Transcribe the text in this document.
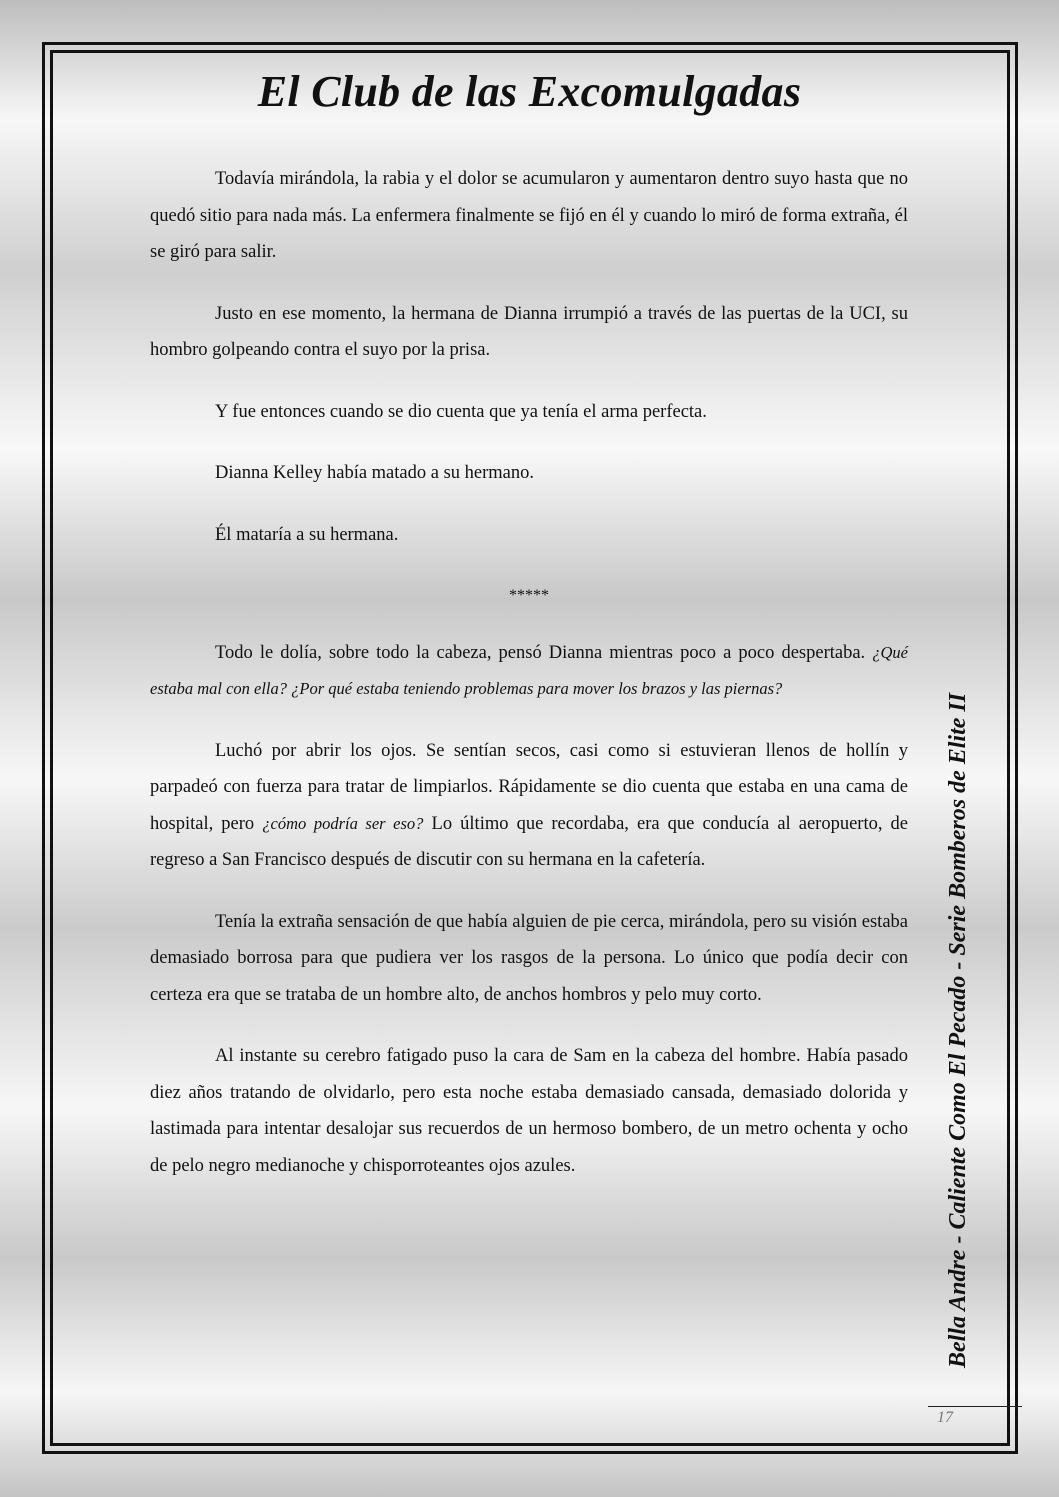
El Club de las Excomulgadas

Todavía mirándola, la rabia y el dolor se acumularon y aumentaron dentro suyo hasta que no quedó sitio para nada más. La enfermera finalmente se fijó en él y cuando lo miró de forma extraña, él se giró para salir.

Justo en ese momento, la hermana de Dianna irrumpió a través de las puertas de la UCI, su hombro golpeando contra el suyo por la prisa.

Y fue entonces cuando se dio cuenta que ya tenía el arma perfecta.

Dianna Kelley había matado a su hermano.

Él mataría a su hermana.

*****

Todo le dolía, sobre todo la cabeza, pensó Dianna mientras poco a poco despertaba. ¿Qué estaba mal con ella? ¿Por qué estaba teniendo problemas para mover los brazos y las piernas?

Luchó por abrir los ojos. Se sentían secos, casi como si estuvieran llenos de hollín y parpadeó con fuerza para tratar de limpiarlos. Rápidamente se dio cuenta que estaba en una cama de hospital, pero ¿cómo podría ser eso? Lo último que recordaba, era que conducía al aeropuerto, de regreso a San Francisco después de discutir con su hermana en la cafetería.

Tenía la extraña sensación de que había alguien de pie cerca, mirándola, pero su visión estaba demasiado borrosa para que pudiera ver los rasgos de la persona. Lo único que podía decir con certeza era que se trataba de un hombre alto, de anchos hombros y pelo muy corto.

Al instante su cerebro fatigado puso la cara de Sam en la cabeza del hombre. Había pasado diez años tratando de olvidarlo, pero esta noche estaba demasiado cansada, demasiado dolorida y lastimada para intentar desalojar sus recuerdos de un hermoso bombero, de un metro ochenta y ocho de pelo negro medianoche y chisporroteantes ojos azules.	Bella Andre - Caliente Como El Pecado - Serie Bomberos de Elite II
17
